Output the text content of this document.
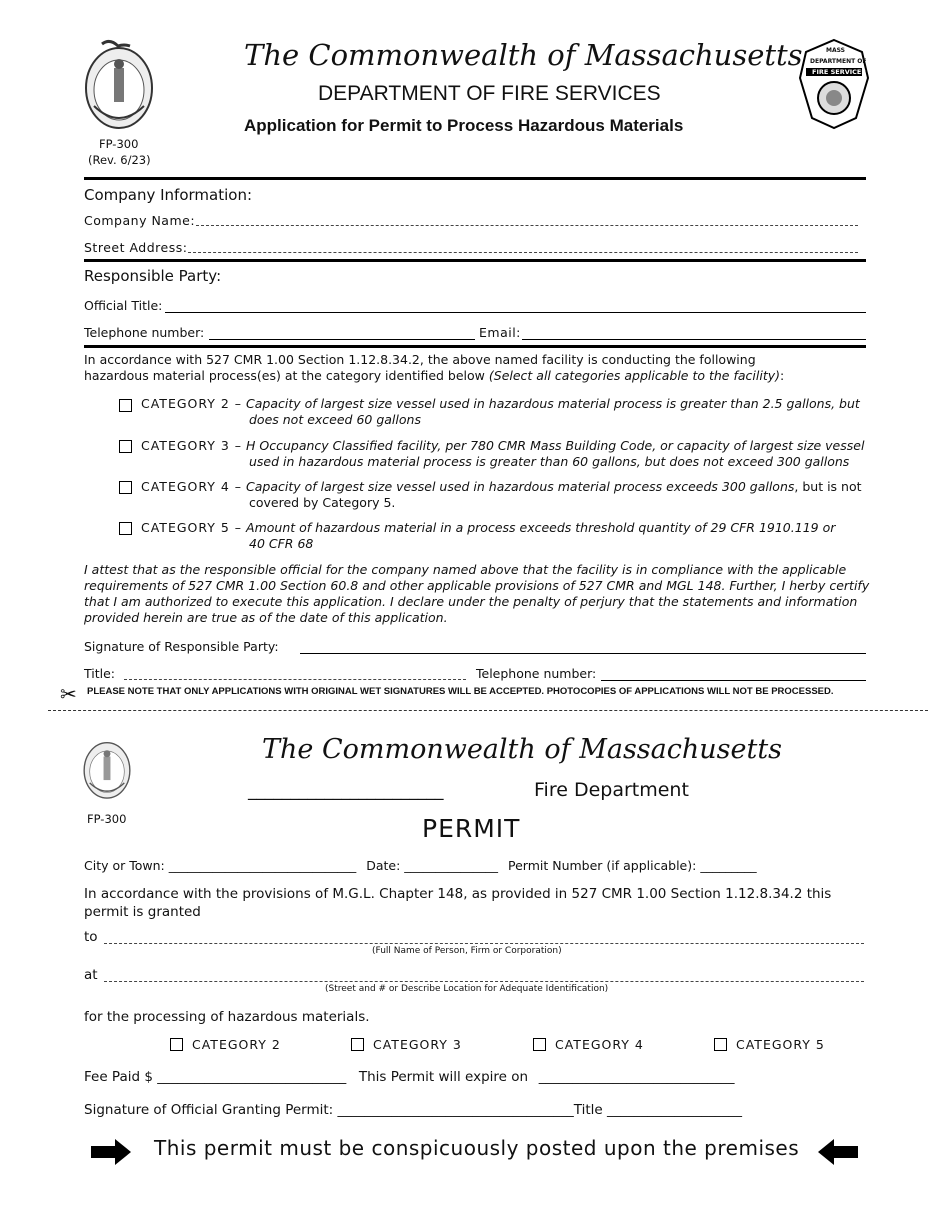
FP-300
(Rev. 6/23)
The Commonwealth of Massachusetts
DEPARTMENT OF FIRE SERVICES
Application for Permit to Process Hazardous Materials
MASS
DEPARTMENT OF
FIRE SERVICES
Company Information:
Company Name:
Street Address:
Responsible Party:
Official Title:
Telephone number:	Email:
In accordance with 527 CMR 1.00 Section 1.12.8.34.2, the above named facility is conducting the following hazardous material process(es) at the category identified below (Select all categories applicable to the facility):
CATEGORY 2 – Capacity of largest size vessel used in hazardous material process is greater than 2.5 gallons, but
does not exceed 60 gallons
CATEGORY 3 – H Occupancy Classified facility, per 780 CMR Mass Building Code, or capacity of largest size vessel
used in hazardous material process is greater than 60 gallons, but does not exceed 300 gallons
CATEGORY 4 – Capacity of largest size vessel used in hazardous material process exceeds 300 gallons, but is not
covered by Category 5.
CATEGORY 5 – Amount of hazardous material in a process exceeds threshold quantity of 29 CFR 1910.119 or
40 CFR 68
I attest that as the responsible official for the company named above that the facility is in compliance with the applicable
requirements of 527 CMR 1.00 Section 60.8 and other applicable provisions of 527 CMR and MGL 148. Further, I herby certify
that I am authorized to execute this application. I declare under the penalty of perjury that the statements and information
provided herein are true as of the date of this application.
Signature of Responsible Party:
Title:	Telephone number:
✂ PLEASE NOTE THAT ONLY APPLICATIONS WITH ORIGINAL WET SIGNATURES WILL BE ACCEPTED. PHOTOCOPIES OF APPLICATIONS WILL NOT BE PROCESSED.
FP-300
The Commonwealth of Massachusetts
_______________________	Fire Department
PERMIT
City or Town: ______________________________ Date: _______________ Permit Number (if applicable): _________
In accordance with the provisions of M.G.L. Chapter 148, as provided in 527 CMR 1.00 Section 1.12.8.34.2 this
permit is granted
to
(Full Name of Person, Firm or Corporation)
at
(Street and # or Describe Location for Adequate Identification)
for the processing of hazardous materials.
CATEGORY 2	CATEGORY 3	CATEGORY 4	CATEGORY 5
Fee Paid $ ____________________________ This Permit will expire on _____________________________
Signature of Official Granting Permit: ___________________________________Title ____________________
This permit must be conspicuously posted upon the premises
